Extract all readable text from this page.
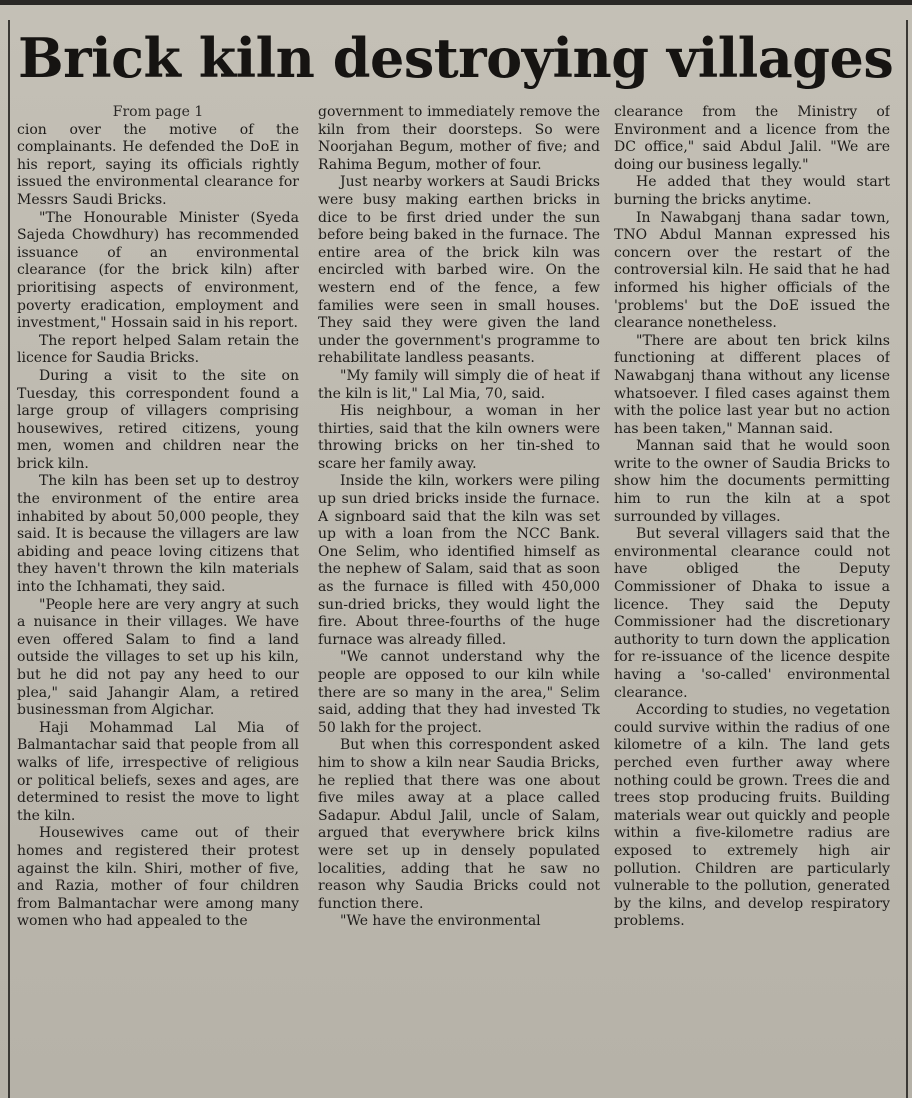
Brick kiln destroying villages

From page 1

cion over the motive of the complainants. He defended the DoE in his report, saying its officials rightly issued the environmental clearance for Messrs Saudi Bricks.

"The Honourable Minister (Syeda Sajeda Chowdhury) has recommended issuance of an environmental clearance (for the brick kiln) after prioritising aspects of environment, poverty eradication, employment and investment," Hossain said in his report.

The report helped Salam retain the licence for Saudia Bricks.

During a visit to the site on Tuesday, this correspondent found a large group of villagers comprising housewives, retired citizens, young men, women and children near the brick kiln.

The kiln has been set up to destroy the environment of the entire area inhabited by about 50,000 people, they said. It is because the villagers are law abiding and peace loving citizens that they haven't thrown the kiln materials into the Ichhamati, they said.

"People here are very angry at such a nuisance in their villages. We have even offered Salam to find a land outside the villages to set up his kiln, but he did not pay any heed to our plea," said Jahangir Alam, a retired businessman from Algichar.

Haji Mohammad Lal Mia of Balmantachar said that people from all walks of life, irrespective of religious or political beliefs, sexes and ages, are determined to resist the move to light the kiln.

Housewives came out of their homes and registered their protest against the kiln. Shiri, mother of five, and Razia, mother of four children from Balmantachar were among many women who had appealed to the

government to immediately remove the kiln from their doorsteps. So were Noorjahan Begum, mother of five; and Rahima Begum, mother of four.

Just nearby workers at Saudi Bricks were busy making earthen bricks in dice to be first dried under the sun before being baked in the furnace. The entire area of the brick kiln was encircled with barbed wire. On the western end of the fence, a few families were seen in small houses. They said they were given the land under the government's programme to rehabilitate landless peasants.

"My family will simply die of heat if the kiln is lit," Lal Mia, 70, said.

His neighbour, a woman in her thirties, said that the kiln owners were throwing bricks on her tin-shed to scare her family away.

Inside the kiln, workers were piling up sun dried bricks inside the furnace. A signboard said that the kiln was set up with a loan from the NCC Bank. One Selim, who identified himself as the nephew of Salam, said that as soon as the furnace is filled with 450,000 sun-dried bricks, they would light the fire. About three-fourths of the huge furnace was already filled.

"We cannot understand why the people are opposed to our kiln while there are so many in the area," Selim said, adding that they had invested Tk 50 lakh for the project.

But when this correspondent asked him to show a kiln near Saudia Bricks, he replied that there was one about five miles away at a place called Sadapur. Abdul Jalil, uncle of Salam, argued that everywhere brick kilns were set up in densely populated localities, adding that he saw no reason why Saudia Bricks could not function there.

"We have the environmental

clearance from the Ministry of Environment and a licence from the DC office," said Abdul Jalil. "We are doing our business legally."

He added that they would start burning the bricks anytime.

In Nawabganj thana sadar town, TNO Abdul Mannan expressed his concern over the restart of the controversial kiln. He said that he had informed his higher officials of the 'problems' but the DoE issued the clearance nonetheless.

"There are about ten brick kilns functioning at different places of Nawabganj thana without any license whatsoever. I filed cases against them with the police last year but no action has been taken," Mannan said.

Mannan said that he would soon write to the owner of Saudia Bricks to show him the documents permitting him to run the kiln at a spot surrounded by villages.

But several villagers said that the environmental clearance could not have obliged the Deputy Commissioner of Dhaka to issue a licence. They said the Deputy Commissioner had the discretionary authority to turn down the application for re-issuance of the licence despite having a 'so-called' environmental clearance.

According to studies, no vegetation could survive within the radius of one kilometre of a kiln. The land gets perched even further away where nothing could be grown. Trees die and trees stop producing fruits. Building materials wear out quickly and people within a five-kilometre radius are exposed to extremely high air pollution. Children are particularly vulnerable to the pollution, generated by the kilns, and develop respiratory problems.
